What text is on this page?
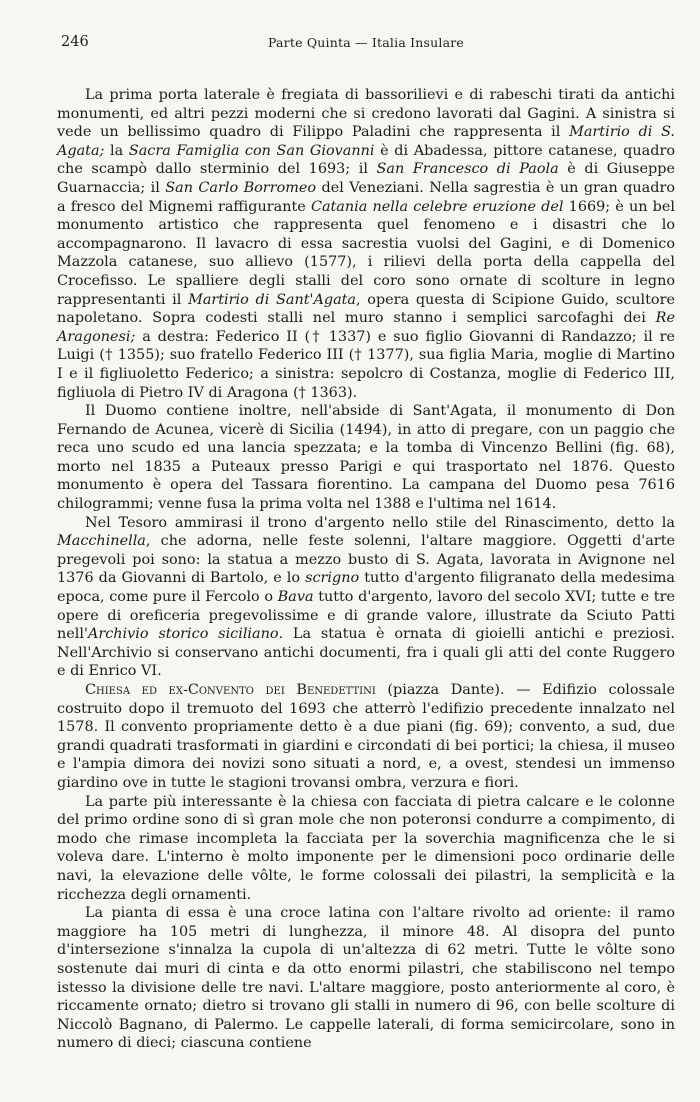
246	Parte Quinta — Italia Insulare

La prima porta laterale è fregiata di bassorilievi e di rabeschi tirati da antichi monumenti, ed altri pezzi moderni che si credono lavorati dal Gagini. A sinistra si vede un bellissimo quadro di Filippo Paladini che rappresenta il Martirio di S. Agata; la Sacra Famiglia con San Giovanni è di Abadessa, pittore catanese, quadro che scampò dallo sterminio del 1693; il San Francesco di Paola è di Giuseppe Guarnaccia; il San Carlo Borromeo del Veneziani. Nella sagrestia è un gran quadro a fresco del Mignemi raffigurante Catania nella celebre eruzione del 1669; è un bel monumento artistico che rappresenta quel fenomeno e i disastri che lo accompagnarono. Il lavacro di essa sacrestia vuolsi del Gagini, e di Domenico Mazzola catanese, suo allievo (1577), i rilievi della porta della cappella del Crocefisso. Le spalliere degli stalli del coro sono ornate di scolture in legno rappresentanti il Martirio di Sant'Agata, opera questa di Scipione Guido, scultore napoletano. Sopra codesti stalli nel muro stanno i semplici sarcofaghi dei Re Aragonesi; a destra: Federico II († 1337) e suo figlio Giovanni di Randazzo; il re Luigi († 1355); suo fratello Federico III († 1377), sua figlia Maria, moglie di Martino I e il figliuoletto Federico; a sinistra: sepolcro di Costanza, moglie di Federico III, figliuola di Pietro IV di Aragona († 1363).

Il Duomo contiene inoltre, nell'abside di Sant'Agata, il monumento di Don Fernando de Acunea, vicerè di Sicilia (1494), in atto di pregare, con un paggio che reca uno scudo ed una lancia spezzata; e la tomba di Vincenzo Bellini (fig. 68), morto nel 1835 a Puteaux presso Parigi e qui trasportato nel 1876. Questo monumento è opera del Tassara fiorentino. La campana del Duomo pesa 7616 chilogrammi; venne fusa la prima volta nel 1388 e l'ultima nel 1614.

Nel Tesoro ammirasi il trono d'argento nello stile del Rinascimento, detto la Macchinella, che adorna, nelle feste solenni, l'altare maggiore. Oggetti d'arte pregevoli poi sono: la statua a mezzo busto di S. Agata, lavorata in Avignone nel 1376 da Giovanni di Bartolo, e lo scrigno tutto d'argento filigranato della medesima epoca, come pure il Fercolo o Bava tutto d'argento, lavoro del secolo XVI; tutte e tre opere di oreficeria pregevolissime e di grande valore, illustrate da Sciuto Patti nell'Archivio storico siciliano. La statua è ornata di gioielli antichi e preziosi. Nell'Archivio si conservano antichi documenti, fra i quali gli atti del conte Ruggero e di Enrico VI.

Chiesa ed ex-Convento dei Benedettini (piazza Dante). — Edifizio colossale costruito dopo il tremuoto del 1693 che atterrò l'edifizio precedente innalzato nel 1578. Il convento propriamente detto è a due piani (fig. 69); convento, a sud, due grandi quadrati trasformati in giardini e circondati di bei portici; la chiesa, il museo e l'ampia dimora dei novizi sono situati a nord, e, a ovest, stendesi un immenso giardino ove in tutte le stagioni trovansi ombra, verzura e fiori.

La parte più interessante è la chiesa con facciata di pietra calcare e le colonne del primo ordine sono di sì gran mole che non poteronsi condurre a compimento, di modo che rimase incompleta la facciata per la soverchia magnificenza che le si voleva dare. L'interno è molto imponente per le dimensioni poco ordinarie delle navi, la elevazione delle vôlte, le forme colossali dei pilastri, la semplicità e la ricchezza degli ornamenti.

La pianta di essa è una croce latina con l'altare rivolto ad oriente: il ramo maggiore ha 105 metri di lunghezza, il minore 48. Al disopra del punto d'intersezione s'innalza la cupola di un'altezza di 62 metri. Tutte le vôlte sono sostenute dai muri di cinta e da otto enormi pilastri, che stabiliscono nel tempo istesso la divisione delle tre navi. L'altare maggiore, posto anteriormente al coro, è riccamente ornato; dietro si trovano gli stalli in numero di 96, con belle scolture di Niccolò Bagnano, di Palermo. Le cappelle laterali, di forma semicircolare, sono in numero di dieci; ciascuna contiene
